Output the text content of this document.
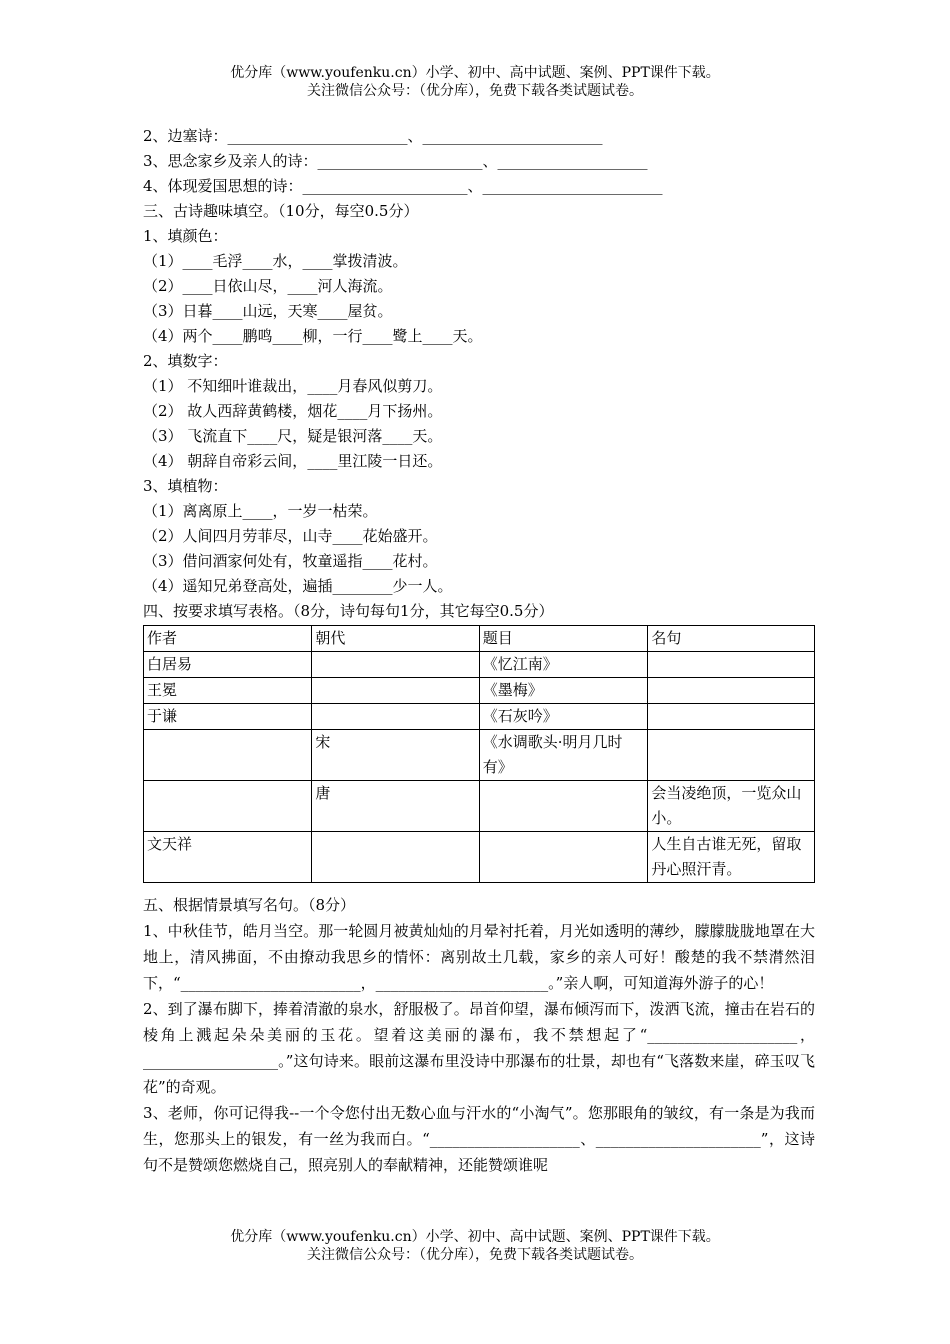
优分库（www.youfenku.cn）小学、初中、高中试题、案例、PPT课件下载。
关注微信公众号：（优分库），免费下载各类试题试卷。
2、边塞诗：________________________、________________________
3、思念家乡及亲人的诗：______________________、____________________
4、体现爱国思想的诗：______________________、________________________
三、古诗趣味填空。（10分，每空0.5分）
1、填颜色：
（1）____毛浮____水，____掌拨清波。
（2）____日依山尽，____河人海流。
（3）日暮____山远，天寒____屋贫。
（4）两个____鹏鸣____柳，一行____鹭上____天。
2、填数字：
（1） 不知细叶谁裁出，____月春风似剪刀。
（2） 故人西辞黄鹤楼，烟花____月下扬州。
（3） 飞流直下____尺，疑是银河落____天。
（4） 朝辞自帝彩云间，____里江陵一日还。
3、填植物：
（1）离离原上____，一岁一枯荣。
（2）人间四月劳菲尽，山寺____花始盛开。
（3）借问酒家何处有，牧童遥指____花村。
（4）遥知兄弟登高处，遍插________少一人。
四、按要求填写表格。（8分，诗句每句1分，其它每空0.5分）
作者	朝代	题目	名句
白居易		《忆江南》	
王冕		《墨梅》	
于谦		《石灰吟》	
	宋	《水调歌头·明月几时有》	
	唐		会当凌绝顶，一览众山小。
文天祥			人生自古谁无死，留取丹心照汗青。
五、根据情景填写名句。（8分）
1、中秋佳节，皓月当空。那一轮圆月被黄灿灿的月晕衬托着，月光如透明的薄纱，朦朦胧胧地罩在大地上，清风拂面，不由撩动我思乡的情怀：离别故土几载，家乡的亲人可好！酸楚的我不禁潸然泪下，“________________________，_______________________。”亲人啊，可知道海外游子的心！
2、到了瀑布脚下，捧着清澈的泉水，舒服极了。昂首仰望，瀑布倾泻而下，泼洒飞流，撞击在岩石的棱角上溅起朵朵美丽的玉花。望着这美丽的瀑布，我不禁想起了“____________________，__________________。”这句诗来。眼前这瀑布里没诗中那瀑布的壮景，却也有“飞落数来崖，碎玉叹飞花”的奇观。
3、老师，你可记得我--一个令您付出无数心血与汗水的“小淘气”。您那眼角的皱纹，有一条是为我而生，您那头上的银发，有一丝为我而白。“____________________、______________________”，这诗句不是赞颂您燃烧自己，照亮别人的奉献精神，还能赞颂谁呢
优分库（www.youfenku.cn）小学、初中、高中试题、案例、PPT课件下载。
关注微信公众号：（优分库），免费下载各类试题试卷。
